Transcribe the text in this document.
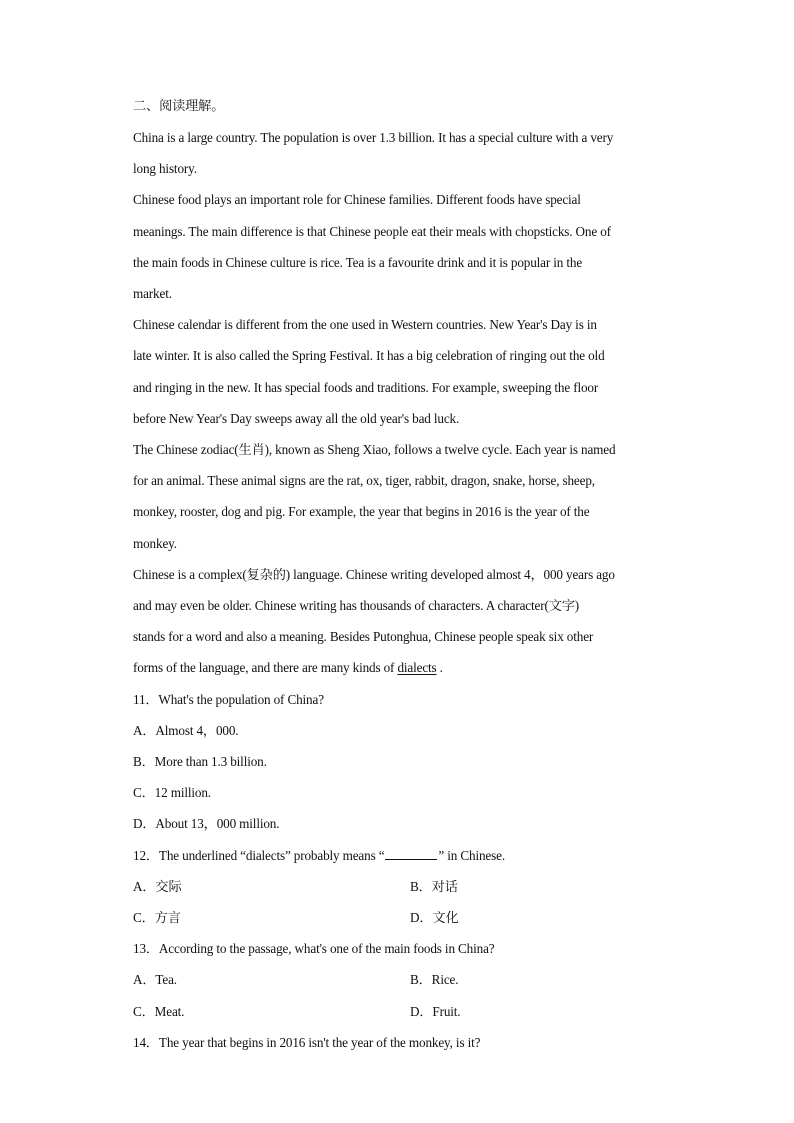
二、阅读理解。
China is a large country. The population is over 1.3 billion. It has a special culture with a very
long history.
Chinese food plays an important role for Chinese families. Different foods have special
meanings. The main difference is that Chinese people eat their meals with chopsticks. One of
the main foods in Chinese culture is rice. Tea is a favourite drink and it is popular in the
market.
Chinese calendar is different from the one used in Western countries. New Year's Day is in
late winter. It is also called the Spring Festival. It has a big celebration of ringing out the old
and ringing in the new. It has special foods and traditions. For example, sweeping the floor
before New Year's Day sweeps away all the old year's bad luck.
The Chinese zodiac(生肖), known as Sheng Xiao, follows a twelve cycle. Each year is named
for an animal. These animal signs are the rat, ox, tiger, rabbit, dragon, snake, horse, sheep,
monkey, rooster, dog and pig. For example, the year that begins in 2016 is the year of the
monkey.
Chinese is a complex(复杂的) language. Chinese writing developed almost 4，000 years ago
and may even be older. Chinese writing has thousands of characters. A character(文字)
stands for a word and also a meaning. Besides Putonghua, Chinese people speak six other
forms of the language, and there are many kinds of dialects .
11．What's the population of China?
A．Almost 4，000.
B．More than 1.3 billion.
C．12 million.
D．About 13，000 million.
12．The underlined “dialects” probably means “	” in Chinese.
A．交际	B．对话
C．方言	D．文化
13．According to the passage, what's one of the main foods in China?
A．Tea.	B．Rice.
C．Meat.	D．Fruit.
14．The year that begins in 2016 isn't the year of the monkey, is it?
